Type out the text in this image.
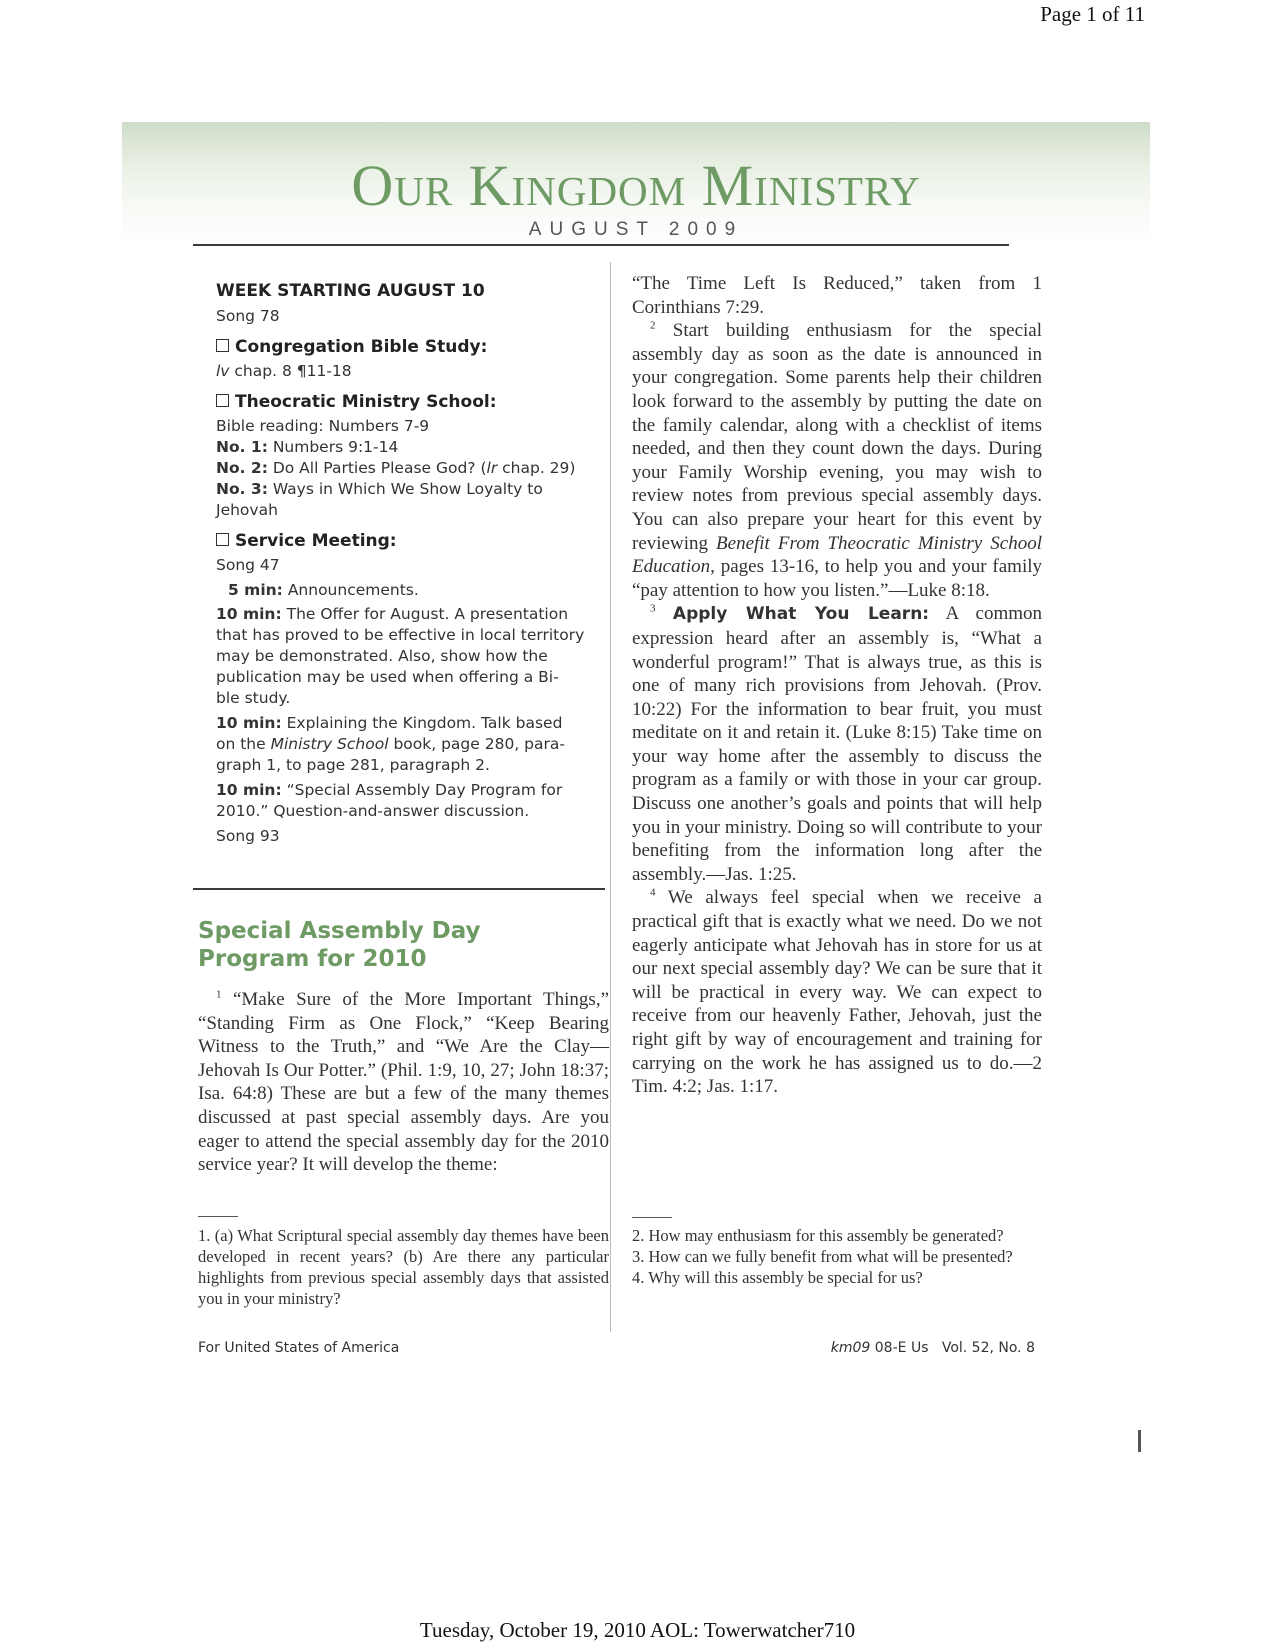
Page 1 of 11
Our Kingdom Ministry
AUGUST 2009
WEEK STARTING AUGUST 10
Song 78
Congregation Bible Study:
lv chap. 8 ¶11-18
Theocratic Ministry School:
Bible reading: Numbers 7-9
No. 1: Numbers 9:1-14
No. 2: Do All Parties Please God? (lr chap. 29)
No. 3: Ways in Which We Show Loyalty to
Jehovah
Service Meeting:
Song 47
5 min: Announcements.
10 min: The Offer for August. A presentation
that has proved to be effective in local territory
may be demonstrated. Also, show how the
publication may be used when offering a Bi-
ble study.
10 min: Explaining the Kingdom. Talk based
on the Ministry School book, page 280, para-
graph 1, to page 281, paragraph 2.
10 min: “Special Assembly Day Program for
2010.” Question-and-answer discussion.
Song 93
Special Assembly Day Program for 2010

$^1$ “Make Sure of the More Important Things,” “Standing Firm as One Flock,” “Keep Bearing Witness to the Truth,” and “We Are the Clay—Jehovah Is Our Potter.” (Phil. 1:9, 10, 27; John 18:37; Isa. 64:8) These are but a few of the many themes discussed at past special assembly days. Are you eager to attend the special assembly day for the 2010 service year? It will develop the theme:

1. (a) What Scriptural special assembly day themes have been developed in recent years? (b) Are there any particular highlights from previous special assembly days that assisted you in your ministry?

“The Time Left Is Reduced,” taken from 1 Corinthians 7:29.

$^2$ Start building enthusiasm for the special assembly day as soon as the date is announced in your congregation. Some parents help their children look forward to the assembly by putting the date on the family calendar, along with a checklist of items needed, and then they count down the days. During your Family Worship evening, you may wish to review notes from previous special assembly days. You can also prepare your heart for this event by reviewing Benefit From Theocratic Ministry School Education, pages 13-16, to help you and your family “pay attention to how you listen.”—Luke 8:18.

$^3$ Apply What You Learn: A common expression heard after an assembly is, “What a wonderful program!” That is always true, as this is one of many rich provisions from Jehovah. (Prov. 10:22) For the information to bear fruit, you must meditate on it and retain it. (Luke 8:15) Take time on your way home after the assembly to discuss the program as a family or with those in your car group. Discuss one another’s goals and points that will help you in your ministry. Doing so will contribute to your benefiting from the information long after the assembly.—Jas. 1:25.

$^4$ We always feel special when we receive a practical gift that is exactly what we need. Do we not eagerly anticipate what Jehovah has in store for us at our next special assembly day? We can be sure that it will be practical in every way. We can expect to receive from our heavenly Father, Jehovah, just the right gift by way of encouragement and training for carrying on the work he has assigned us to do.—2 Tim. 4:2; Jas. 1:17.

2. How may enthusiasm for this assembly be generated?

3. How can we fully benefit from what will be presented?

4. Why will this assembly be special for us?

For United States of America	km09 08-E Us   Vol. 52, No. 8
Tuesday, October 19, 2010 AOL: Towerwatcher710
